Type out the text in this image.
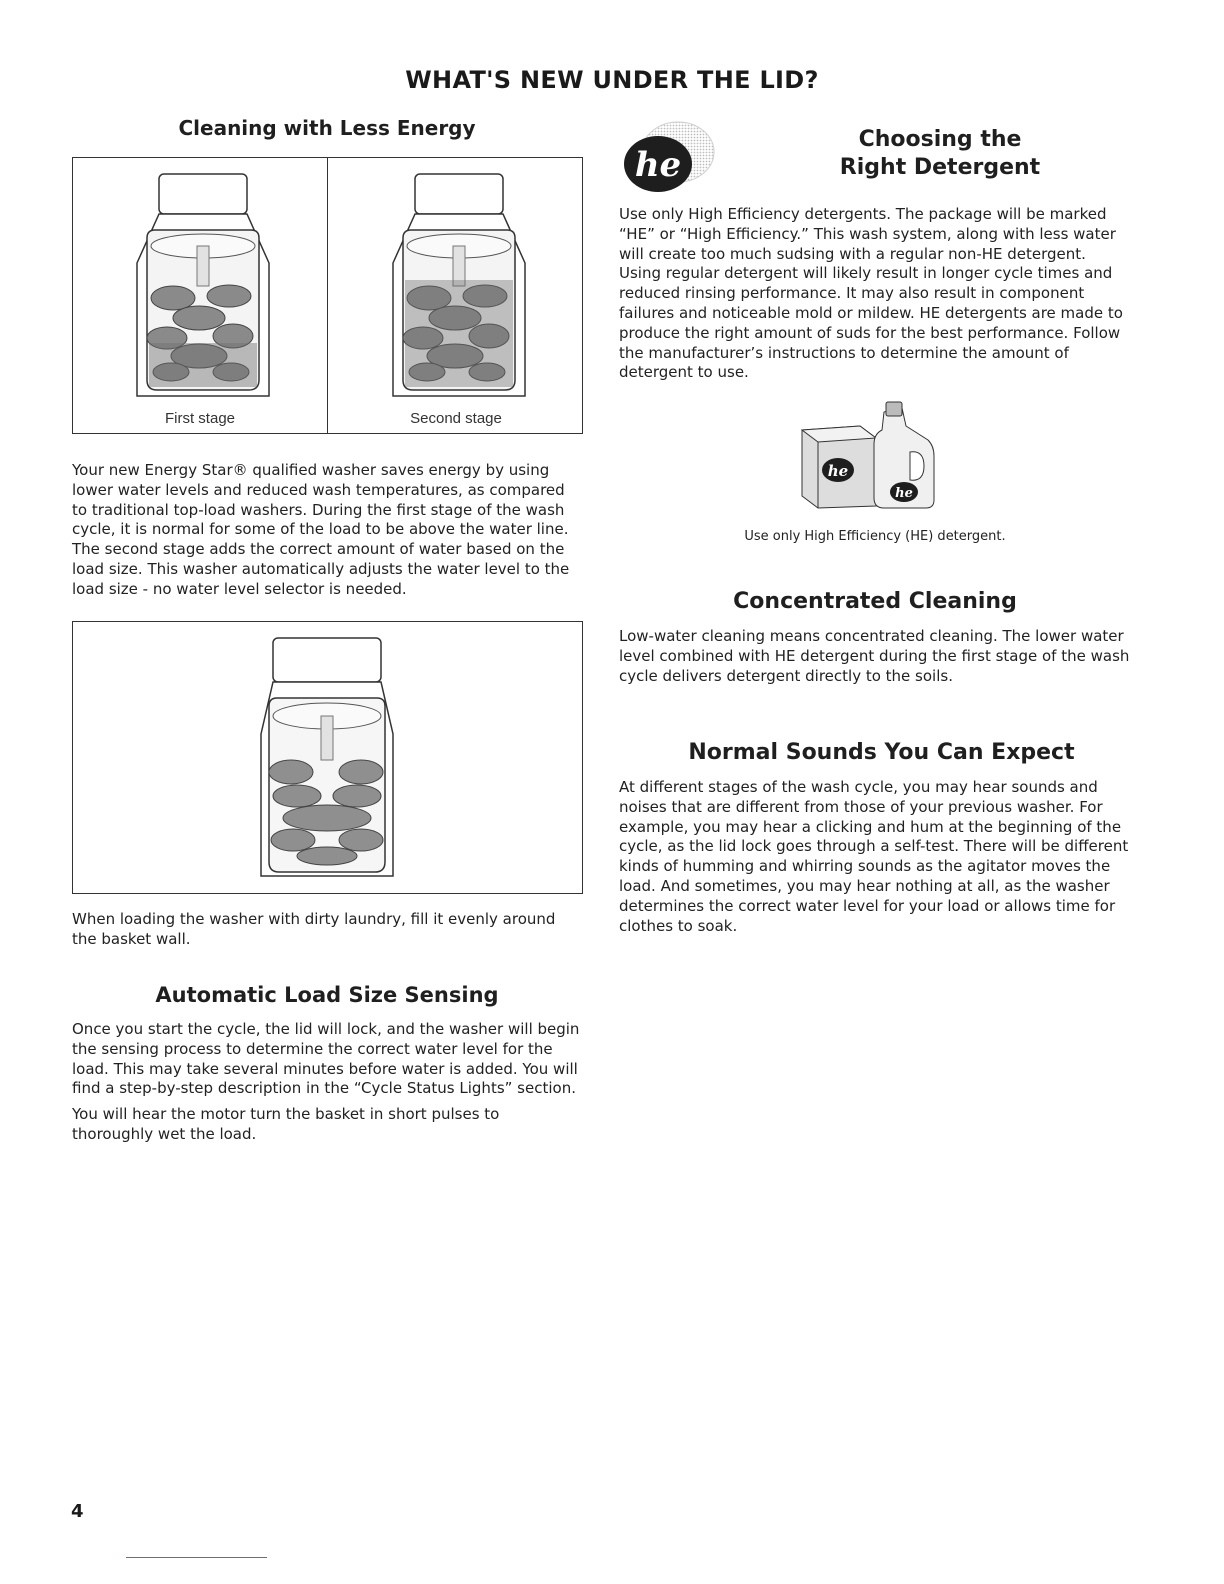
WHAT'S NEW UNDER THE LID?
Cleaning with Less Energy
First stage	Second stage

Your new Energy Star® qualified washer saves energy by using lower water levels and reduced wash temperatures, as compared to traditional top-load washers. During the first stage of the wash cycle, it is normal for some of the load to be above the water line. The second stage adds the correct amount of water based on the load size. This washer automatically adjusts the water level to the load size - no water level selector is needed.

When loading the washer with dirty laundry, fill it evenly around the basket wall.

Automatic Load Size Sensing

Once you start the cycle, the lid will lock, and the washer will begin the sensing process to determine the correct water level for the load. This may take several minutes before water is added. You will find a step-by-step description in the “Cycle Status Lights” section.

You will hear the motor turn the basket in short pulses to thoroughly wet the load.

he
Choosing the
Right Detergent

Use only High Efficiency detergents. The package will be marked “HE” or “High Efficiency.” This wash system, along with less water will create too much sudsing with a regular non-HE detergent. Using regular detergent will likely result in longer cycle times and reduced rinsing performance. It may also result in component failures and noticeable mold or mildew. HE detergents are made to produce the right amount of suds for the best performance. Follow the manufacturer’s instructions to determine the amount of detergent to use.

he
he
Use only High Efficiency (HE) detergent.
Concentrated Cleaning

Low-water cleaning means concentrated cleaning. The lower water level combined with HE detergent during the first stage of the wash cycle delivers detergent directly to the soils.

Normal Sounds You Can Expect

At different stages of the wash cycle, you may hear sounds and noises that are different from those of your previous washer. For example, you may hear a clicking and hum at the beginning of the cycle, as the lid lock goes through a self-test. There will be different kinds of humming and whirring sounds as the agitator moves the load. And sometimes, you may hear nothing at all, as the washer determines the correct water level for your load or allows time for clothes to soak.

4
